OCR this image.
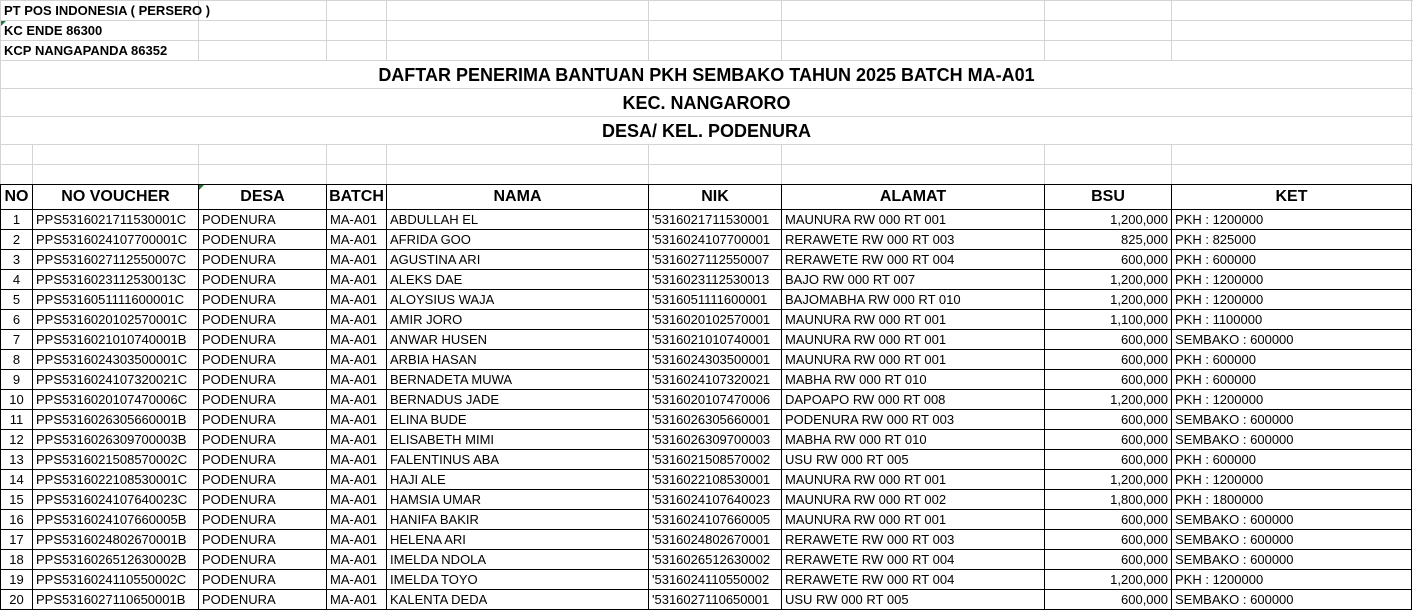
PT POS INDONESIA ( PERSERO )
KC ENDE 86300
KCP NANGAPANDA 86352
DAFTAR PENERIMA BANTUAN PKH SEMBAKO TAHUN 2025 BATCH MA-A01
KEC. NANGARORO
DESA/ KEL. PODENURA
NO	NO VOUCHER	DESA	BATCH	NAMA	NIK	ALAMAT	BSU	KET
1	PPS5316021711530001C	PODENURA	MA-A01	ABDULLAH EL	'5316021711530001	MAUNURA RW 000 RT 001	1,200,000	PKH : 1200000
2	PPS5316024107700001C	PODENURA	MA-A01	AFRIDA GOO	'5316024107700001	RERAWETE RW 000 RT 003	825,000	PKH : 825000
3	PPS5316027112550007C	PODENURA	MA-A01	AGUSTINA ARI	'5316027112550007	RERAWETE RW 000 RT 004	600,000	PKH : 600000
4	PPS5316023112530013C	PODENURA	MA-A01	ALEKS DAE	'5316023112530013	BAJO RW 000 RT 007	1,200,000	PKH : 1200000
5	PPS5316051111600001C	PODENURA	MA-A01	ALOYSIUS WAJA	'5316051111600001	BAJOMABHA RW 000 RT 010	1,200,000	PKH : 1200000
6	PPS5316020102570001C	PODENURA	MA-A01	AMIR JORO	'5316020102570001	MAUNURA RW 000 RT 001	1,100,000	PKH : 1100000
7	PPS5316021010740001B	PODENURA	MA-A01	ANWAR HUSEN	'5316021010740001	MAUNURA RW 000 RT 001	600,000	SEMBAKO : 600000
8	PPS5316024303500001C	PODENURA	MA-A01	ARBIA HASAN	'5316024303500001	MAUNURA RW 000 RT 001	600,000	PKH : 600000
9	PPS5316024107320021C	PODENURA	MA-A01	BERNADETA MUWA	'5316024107320021	MABHA RW 000 RT 010	600,000	PKH : 600000
10	PPS5316020107470006C	PODENURA	MA-A01	BERNADUS JADE	'5316020107470006	DAPOAPO RW 000 RT 008	1,200,000	PKH : 1200000
11	PPS5316026305660001B	PODENURA	MA-A01	ELINA BUDE	'5316026305660001	PODENURA RW 000 RT 003	600,000	SEMBAKO : 600000
12	PPS5316026309700003B	PODENURA	MA-A01	ELISABETH MIMI	'5316026309700003	MABHA RW 000 RT 010	600,000	SEMBAKO : 600000
13	PPS5316021508570002C	PODENURA	MA-A01	FALENTINUS ABA	'5316021508570002	USU RW 000 RT 005	600,000	PKH : 600000
14	PPS5316022108530001C	PODENURA	MA-A01	HAJI ALE	'5316022108530001	MAUNURA RW 000 RT 001	1,200,000	PKH : 1200000
15	PPS5316024107640023C	PODENURA	MA-A01	HAMSIA UMAR	'5316024107640023	MAUNURA RW 000 RT 002	1,800,000	PKH : 1800000
16	PPS5316024107660005B	PODENURA	MA-A01	HANIFA BAKIR	'5316024107660005	MAUNURA RW 000 RT 001	600,000	SEMBAKO : 600000
17	PPS5316024802670001B	PODENURA	MA-A01	HELENA ARI	'5316024802670001	RERAWETE RW 000 RT 003	600,000	SEMBAKO : 600000
18	PPS5316026512630002B	PODENURA	MA-A01	IMELDA NDOLA	'5316026512630002	RERAWETE RW 000 RT 004	600,000	SEMBAKO : 600000
19	PPS5316024110550002C	PODENURA	MA-A01	IMELDA TOYO	'5316024110550002	RERAWETE RW 000 RT 004	1,200,000	PKH : 1200000
20	PPS5316027110650001B	PODENURA	MA-A01	KALENTA DEDA	'5316027110650001	USU RW 000 RT 005	600,000	SEMBAKO : 600000
